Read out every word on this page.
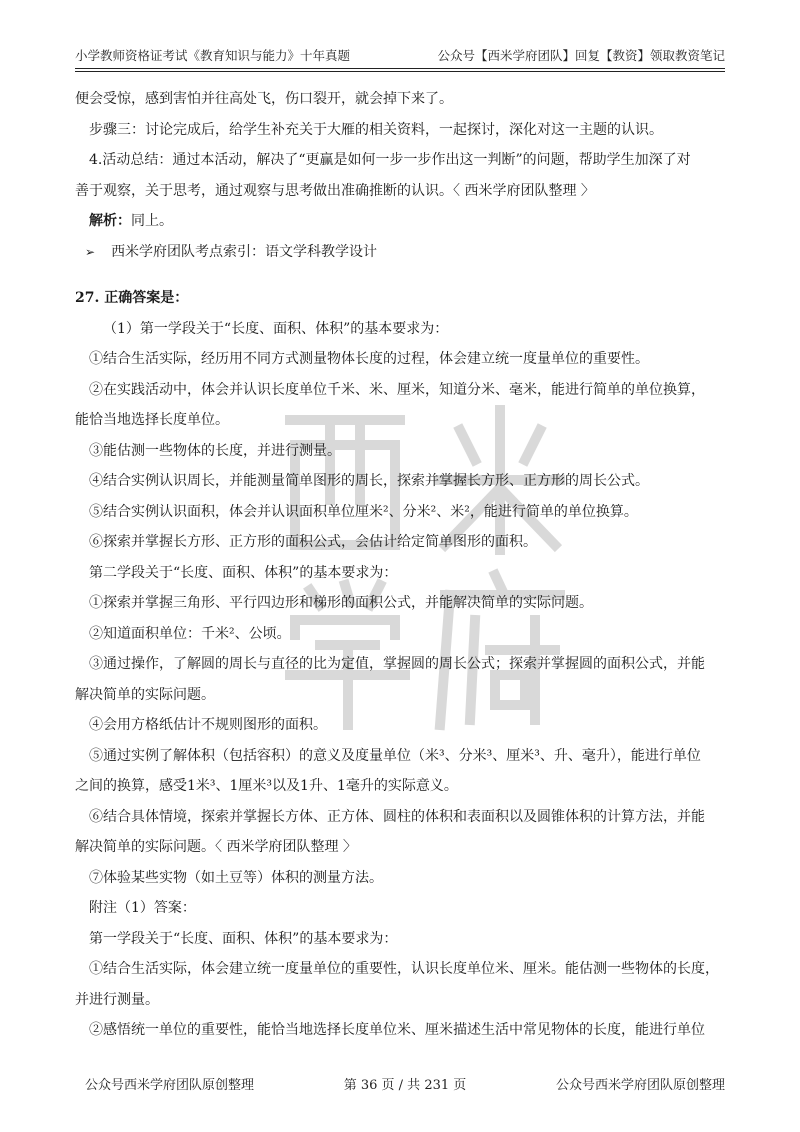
小学教师资格证考试《教育知识与能力》十年真题	公众号【西米学府团队】回复【教资】领取教资笔记
便会受惊，感到害怕并往高处飞，伤口裂开，就会掉下来了。
步骤三：讨论完成后，给学生补充关于大雁的相关资料，一起探讨，深化对这一主题的认识。
4.活动总结：通过本活动，解决了“更赢是如何一步一步作出这一判断”的问题，帮助学生加深了对
善于观察，关于思考，通过观察与思考做出准确推断的认识。〈 西米学府团队整理 〉
解析：同上。
➢ 西米学府团队考点索引：语文学科教学设计
27. 正确答案是：
（1）第一学段关于“长度、面积、体积”的基本要求为：
①结合生活实际，经历用不同方式测量物体长度的过程，体会建立统一度量单位的重要性。
②在实践活动中，体会并认识长度单位千米、米、厘米，知道分米、毫米，能进行简单的单位换算，
能恰当地选择长度单位。
③能估测一些物体的长度，并进行测量。
④结合实例认识周长，并能测量简单图形的周长，探索并掌握长方形、正方形的周长公式。
⑤结合实例认识面积，体会并认识面积单位厘米²、分米²、米²，能进行简单的单位换算。
⑥探索并掌握长方形、正方形的面积公式，会估计给定简单图形的面积。
第二学段关于“长度、面积、体积”的基本要求为：
①探索并掌握三角形、平行四边形和梯形的面积公式，并能解决简单的实际问题。
②知道面积单位：千米²、公顷。
③通过操作，了解圆的周长与直径的比为定值，掌握圆的周长公式；探索并掌握圆的面积公式，并能
解决简单的实际问题。
④会用方格纸估计不规则图形的面积。
⑤通过实例了解体积（包括容积）的意义及度量单位（米³、分米³、厘米³、升、毫升），能进行单位
之间的换算，感受1米³、1厘米³以及1升、1毫升的实际意义。
⑥结合具体情境，探索并掌握长方体、正方体、圆柱的体积和表面积以及圆锥体积的计算方法，并能
解决简单的实际问题。〈 西米学府团队整理 〉
⑦体验某些实物（如土豆等）体积的测量方法。
附注（1）答案：
第一学段关于“长度、面积、体积”的基本要求为：
①结合生活实际，体会建立统一度量单位的重要性，认识长度单位米、厘米。能估测一些物体的长度，
并进行测量。
②感悟统一单位的重要性，能恰当地选择长度单位米、厘米描述生活中常见物体的长度，能进行单位
公众号西米学府团队原创整理	第 36 页 / 共 231 页	公众号西米学府团队原创整理
